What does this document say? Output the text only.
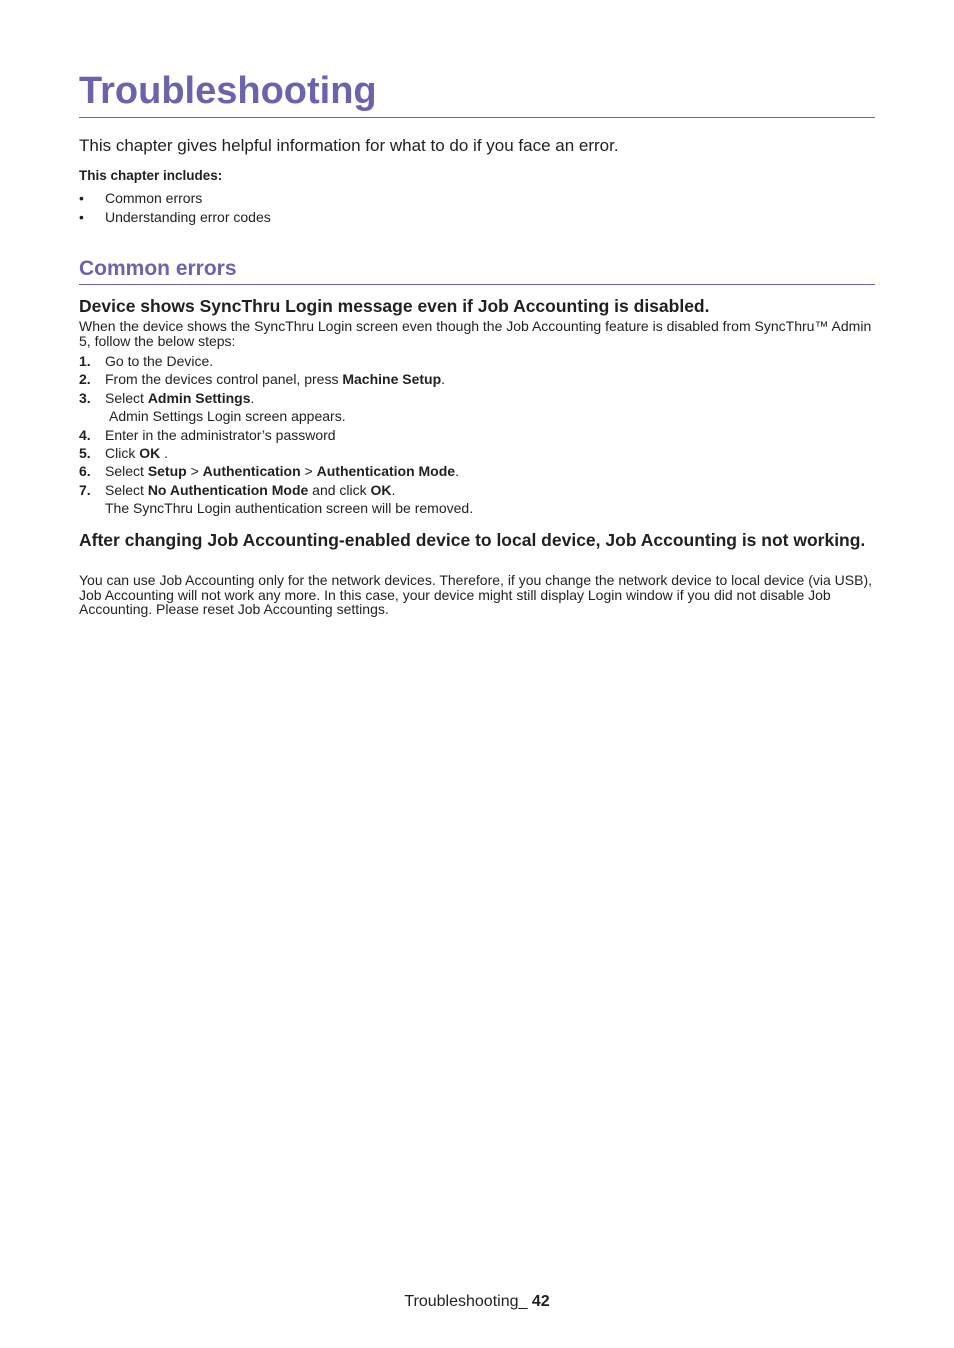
Troubleshooting

This chapter gives helpful information for what to do if you face an error.

This chapter includes:

• Common errors
• Understanding error codes
Common errors
Device shows SyncThru Login message even if Job Accounting is disabled.

When the device shows the SyncThru Login screen even though the Job Accounting feature is disabled from SyncThru™ Admin 5, follow the below steps:

1. Go to the Device.
2. From the devices control panel, press Machine Setup.
3. Select Admin Settings.
Admin Settings Login screen appears.
4. Enter in the administrator’s password
5. Click OK .
6. Select Setup > Authentication > Authentication Mode.
7. Select No Authentication Mode and click OK.
The SyncThru Login authentication screen will be removed.
After changing Job Accounting-enabled device to local device, Job Accounting is not working.

You can use Job Accounting only for the network devices. Therefore, if you change the network device to local device (via USB), Job Accounting will not work any more. In this case, your device might still display Login window if you did not disable Job Accounting. Please reset Job Accounting settings.

Troubleshooting_ 42
